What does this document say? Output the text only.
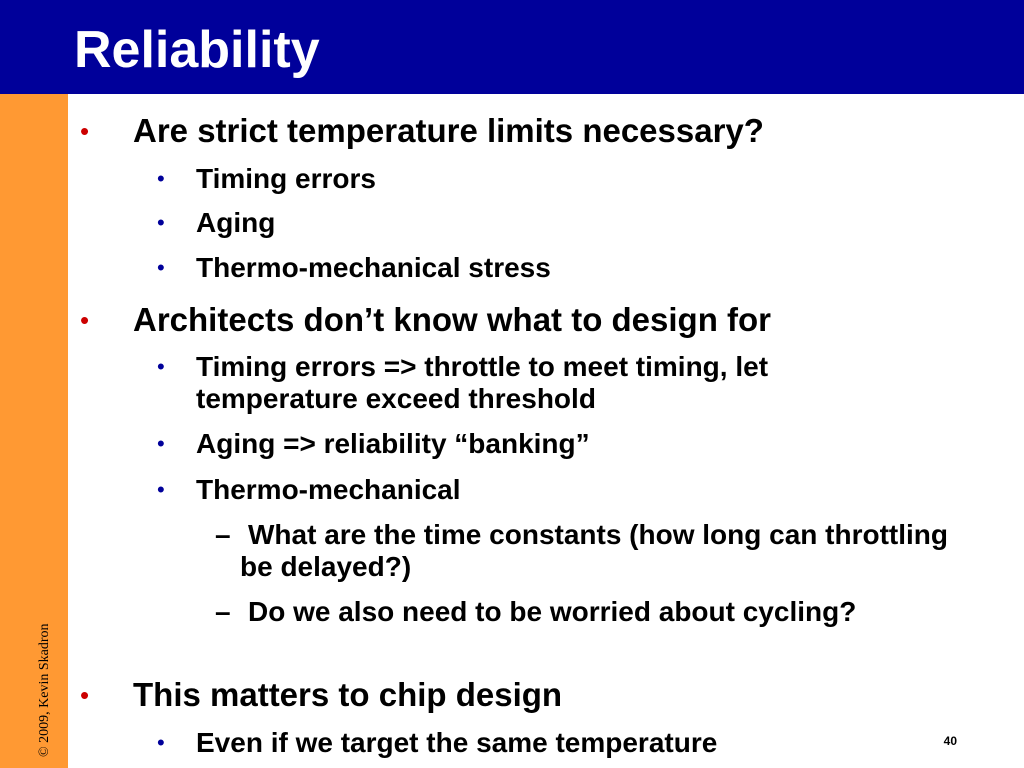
Reliability
© 2009, Kevin Skadron
• Are strict temperature limits necessary?
• Timing errors
• Aging
• Thermo-mechanical stress
• Architects don’t know what to design for
• Timing errors => throttle to meet timing, let temperature exceed threshold
• Aging => reliability “banking”
• Thermo-mechanical
– What are the time constants (how long can throttling be delayed?)
– Do we also need to be worried about cycling?
• This matters to chip design
• Even if we target the same temperature	40
